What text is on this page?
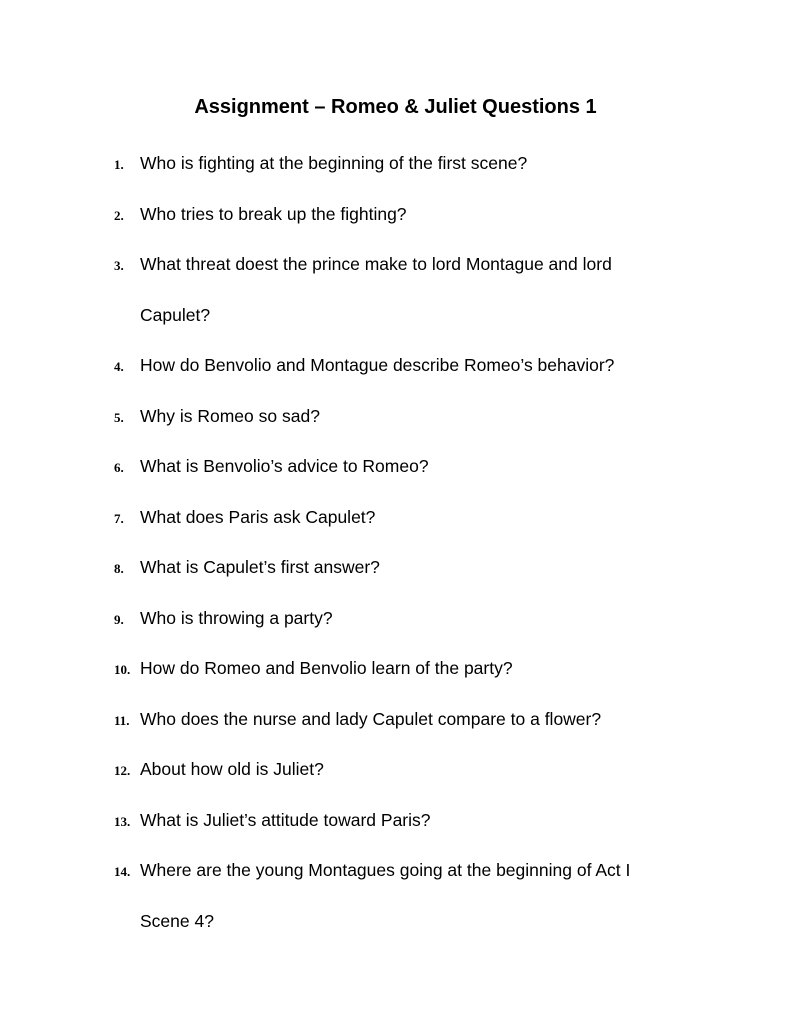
Assignment – Romeo & Juliet Questions 1
1. Who is fighting at the beginning of the first scene?
2. Who tries to break up the fighting?
3. What threat doest the prince make to lord Montague and lord
Capulet?
4. How do Benvolio and Montague describe Romeo’s behavior?
5. Why is Romeo so sad?
6. What is Benvolio’s advice to Romeo?
7. What does Paris ask Capulet?
8. What is Capulet’s first answer?
9. Who is throwing a party?
10. How do Romeo and Benvolio learn of the party?
11. Who does the nurse and lady Capulet compare to a flower?
12. About how old is Juliet?
13. What is Juliet’s attitude toward Paris?
14. Where are the young Montagues going at the beginning of Act I
Scene 4?
